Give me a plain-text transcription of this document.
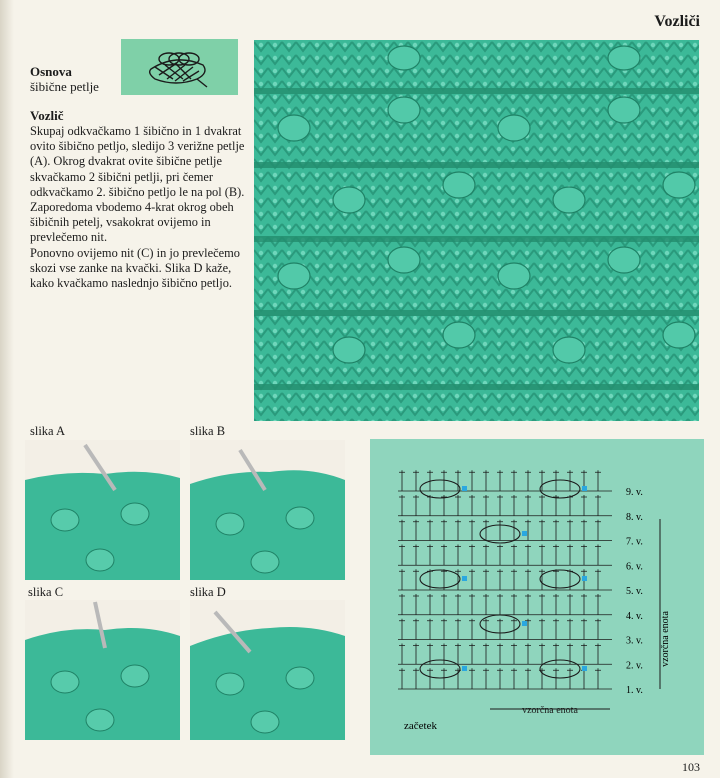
Vozliči
Osnova
šibične petlje
Vozlič

Skupaj odkvačkamo 1 šibično in 1 dvakrat ovito šibično petljo, sledijo 3 verižne petlje (A). Okrog dvakrat ovite šibične petlje skvačkamo 2 šibični petlji, pri čemer odkvačkamo 2. šibično petljo le na pol (B). Zaporedoma vbodemo 4-krat okrog obeh šibičnih petelj, vsakokrat ovijemo in prevlečemo nit.

Ponovno ovijemo nit (C) in jo prevlečemo skozi vse zanke na kvački. Slika D kaže, kako kvačkamo naslednjo šibično petljo.

slika A	slika B
slika C	slika D
1. v.
2. v.
3. v.
4. v.
5. v.
6. v.
7. v.
8. v.
9. v.
vzorčna enota
vzorčna enota
začetek
103
